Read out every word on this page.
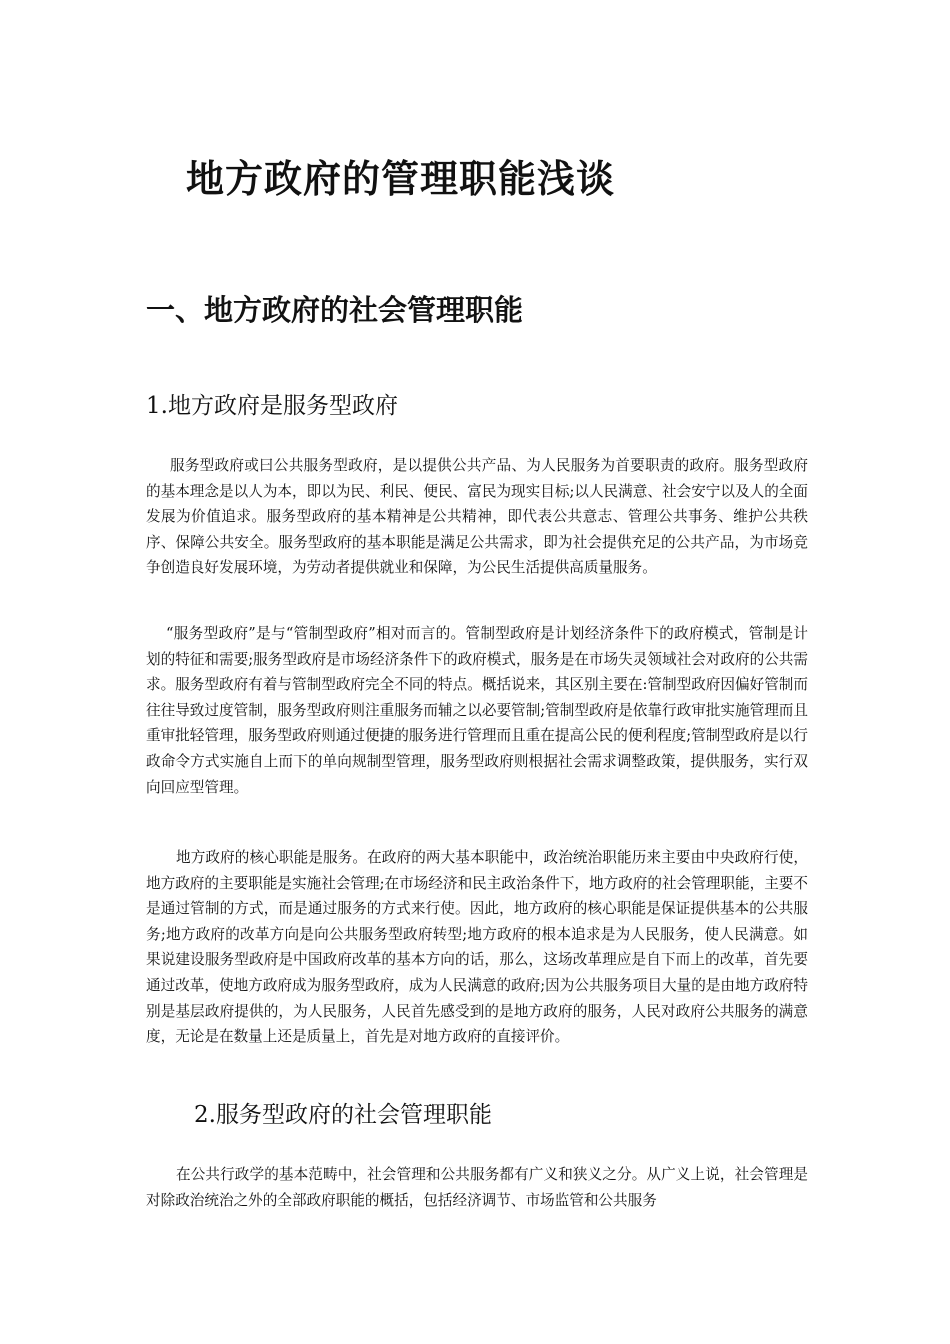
地方政府的管理职能浅谈
一、地方政府的社会管理职能
1.地方政府是服务型政府

服务型政府或曰公共服务型政府，是以提供公共产品、为人民服务为首要职责的政府。服务型政府的基本理念是以人为本，即以为民、利民、便民、富民为现实目标;以人民满意、社会安宁以及人的全面发展为价值追求。服务型政府的基本精神是公共精神，即代表公共意志、管理公共事务、维护公共秩序、保障公共安全。服务型政府的基本职能是满足公共需求，即为社会提供充足的公共产品，为市场竞争创造良好发展环境，为劳动者提供就业和保障，为公民生活提供高质量服务。

“服务型政府”是与“管制型政府”相对而言的。管制型政府是计划经济条件下的政府模式，管制是计划的特征和需要;服务型政府是市场经济条件下的政府模式，服务是在市场失灵领域社会对政府的公共需求。服务型政府有着与管制型政府完全不同的特点。概括说来，其区别主要在:管制型政府因偏好管制而往往导致过度管制，服务型政府则注重服务而辅之以必要管制;管制型政府是依靠行政审批实施管理而且重审批轻管理，服务型政府则通过便捷的服务进行管理而且重在提高公民的便利程度;管制型政府是以行政命令方式实施自上而下的单向规制型管理，服务型政府则根据社会需求调整政策，提供服务，实行双向回应型管理。

地方政府的核心职能是服务。在政府的两大基本职能中，政治统治职能历来主要由中央政府行使，地方政府的主要职能是实施社会管理;在市场经济和民主政治条件下，地方政府的社会管理职能，主要不是通过管制的方式，而是通过服务的方式来行使。因此，地方政府的核心职能是保证提供基本的公共服务;地方政府的改革方向是向公共服务型政府转型;地方政府的根本追求是为人民服务，使人民满意。如果说建设服务型政府是中国政府改革的基本方向的话，那么，这场改革理应是自下而上的改革，首先要通过改革，使地方政府成为服务型政府，成为人民满意的政府;因为公共服务项目大量的是由地方政府特别是基层政府提供的，为人民服务，人民首先感受到的是地方政府的服务，人民对政府公共服务的满意度，无论是在数量上还是质量上，首先是对地方政府的直接评价。

2.服务型政府的社会管理职能

在公共行政学的基本范畴中，社会管理和公共服务都有广义和狭义之分。从广义上说，社会管理是对除政治统治之外的全部政府职能的概括，包括经济调节、市场监管和公共服务
